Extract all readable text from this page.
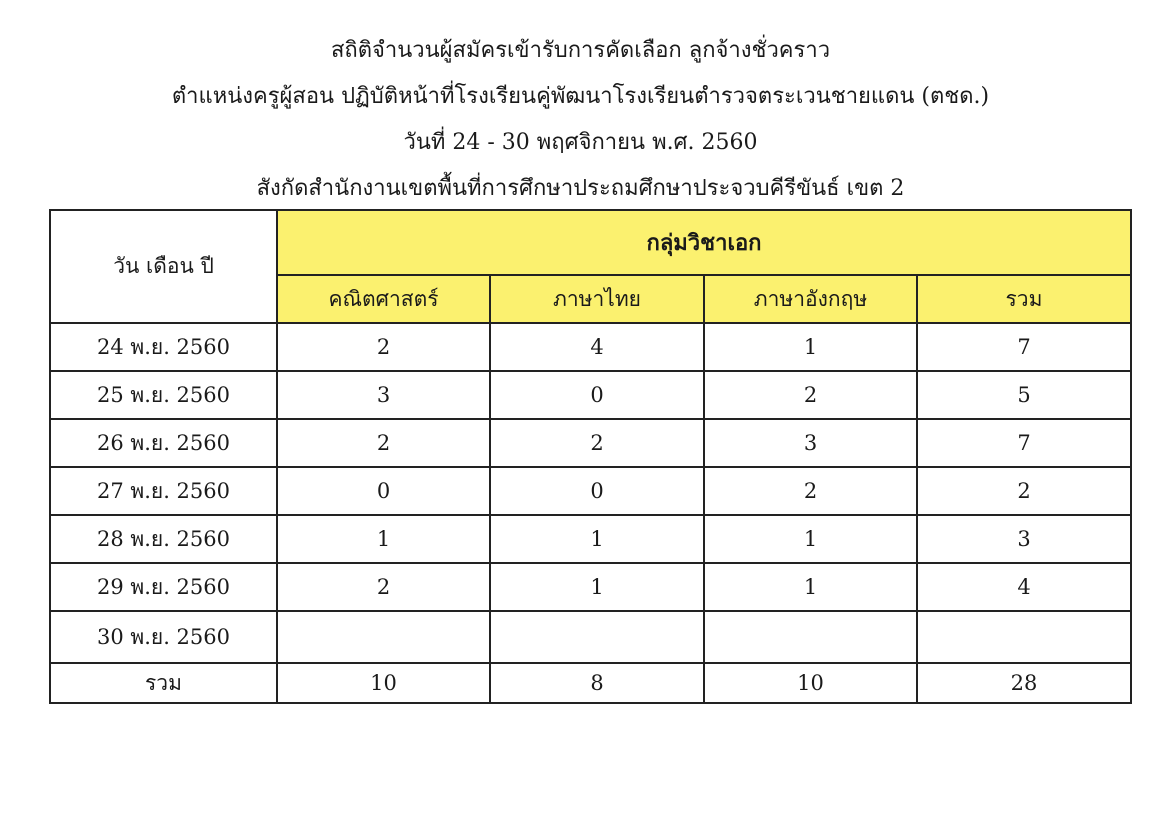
สถิติจำนวนผู้สมัครเข้ารับการคัดเลือก ลูกจ้างชั่วคราว
ตำแหน่งครูผู้สอน ปฏิบัติหน้าที่โรงเรียนคู่พัฒนาโรงเรียนตำรวจตระเวนชายแดน (ตชด.)
วันที่ 24 - 30 พฤศจิกายน พ.ศ. 2560
สังกัดสำนักงานเขตพื้นที่การศึกษาประถมศึกษาประจวบคีรีขันธ์ เขต 2
วัน เดือน ปี	กลุ่มวิชาเอก			
	คณิตศาสตร์	ภาษาไทย	ภาษาอังกฤษ	รวม
24 พ.ย. 2560	2	4	1	7
25 พ.ย. 2560	3	0	2	5
26 พ.ย. 2560	2	2	3	7
27 พ.ย. 2560	0	0	2	2
28 พ.ย. 2560	1	1	1	3
29 พ.ย. 2560	2	1	1	4
30 พ.ย. 2560				
รวม	10	8	10	28
